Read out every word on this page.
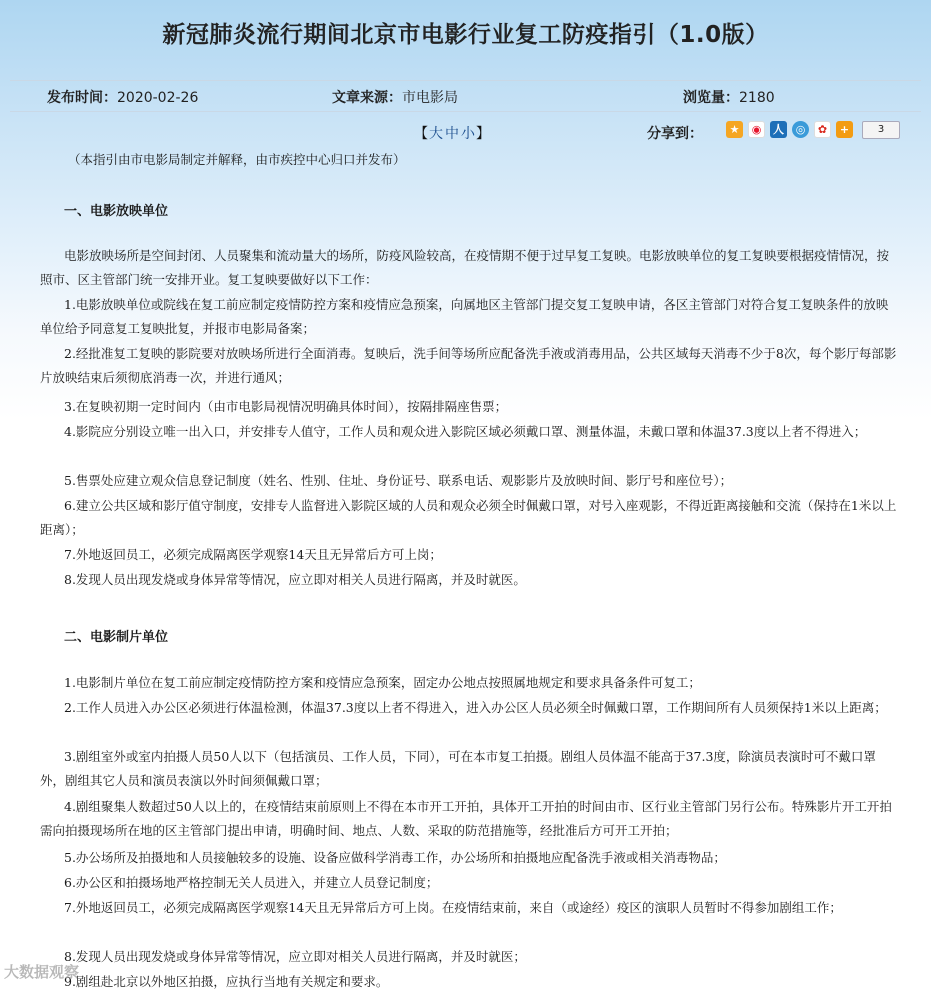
新冠肺炎流行期间北京市电影行业复工防疫指引（1.0版）
发布时间：2020-02-26	文章来源：市电影局	浏览量：2180
【大 中 小】	分享到：	★	◉	人	◎	✿	+	3
（本指引由市电影局制定并解释，由市疾控中心归口并发布）
一、电影放映单位
电影放映场所是空间封闭、人员聚集和流动量大的场所，防疫风险较高，在疫情期不便于过早复工复映。电影放映单位的复工复映要根据疫情情况，按照市、区主管部门统一安排开业。复工复映要做好以下工作：
1.电影放映单位或院线在复工前应制定疫情防控方案和疫情应急预案，向属地区主管部门提交复工复映申请，各区主管部门对符合复工复映条件的放映单位给予同意复工复映批复，并报市电影局备案；
2.经批准复工复映的影院要对放映场所进行全面消毒。复映后，洗手间等场所应配备洗手液或消毒用品，公共区域每天消毒不少于8次，每个影厅每部影片放映结束后须彻底消毒一次，并进行通风；
3.在复映初期一定时间内（由市电影局视情况明确具体时间），按隔排隔座售票；
4.影院应分别设立唯一出入口，并安排专人值守，工作人员和观众进入影院区域必须戴口罩、测量体温，未戴口罩和体温37.3度以上者不得进入；
5.售票处应建立观众信息登记制度（姓名、性别、住址、身份证号、联系电话、观影影片及放映时间、影厅号和座位号）；
6.建立公共区域和影厅值守制度，安排专人监督进入影院区域的人员和观众必须全时佩戴口罩，对号入座观影，不得近距离接触和交流（保持在1米以上距离）；
7.外地返回员工，必须完成隔离医学观察14天且无异常后方可上岗；
8.发现人员出现发烧或身体异常等情况，应立即对相关人员进行隔离，并及时就医。
二、电影制片单位
1.电影制片单位在复工前应制定疫情防控方案和疫情应急预案，固定办公地点按照属地规定和要求具备条件可复工；
2.工作人员进入办公区必须进行体温检测，体温37.3度以上者不得进入，进入办公区人员必须全时佩戴口罩，工作期间所有人员须保持1米以上距离；
3.剧组室外或室内拍摄人员50人以下（包括演员、工作人员，下同），可在本市复工拍摄。剧组人员体温不能高于37.3度，除演员表演时可不戴口罩外，剧组其它人员和演员表演以外时间须佩戴口罩；
4.剧组聚集人数超过50人以上的，在疫情结束前原则上不得在本市开工开拍，具体开工开拍的时间由市、区行业主管部门另行公布。特殊影片开工开拍需向拍摄现场所在地的区主管部门提出申请，明确时间、地点、人数、采取的防范措施等，经批准后方可开工开拍；
5.办公场所及拍摄地和人员接触较多的设施、设备应做科学消毒工作，办公场所和拍摄地应配备洗手液或相关消毒物品；
6.办公区和拍摄场地严格控制无关人员进入，并建立人员登记制度；
7.外地返回员工，必须完成隔离医学观察14天且无异常后方可上岗。在疫情结束前，来自（或途经）疫区的演职人员暂时不得参加剧组工作；
8.发现人员出现发烧或身体异常等情况，应立即对相关人员进行隔离，并及时就医；
9.剧组赴北京以外地区拍摄，应执行当地有关规定和要求。
大数据观察
